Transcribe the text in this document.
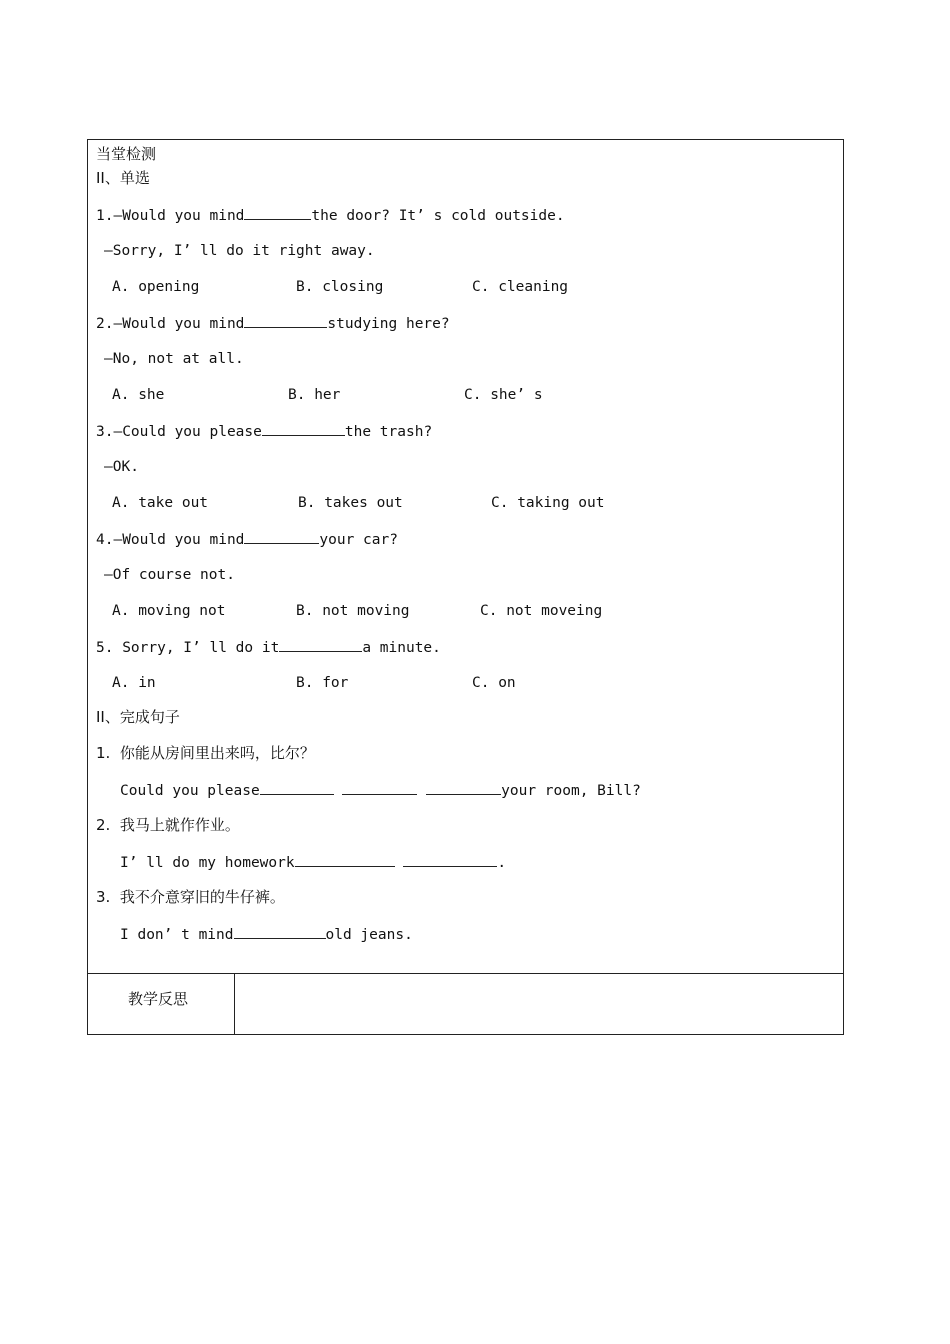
当堂检测
II、单选
1.—Would you mind	the door? It’ s cold outside.
—Sorry, I’ ll do it right away.
A. opening	B. closing	C. cleaning
2.—Would you mind	studying here?
—No, not at all.
A. she	B. her	C. she’ s
3.—Could you please	the trash?
—OK.
A. take out	B. takes out	C. taking out
4.—Would you mind	your car?
—Of course not.
A. moving not	B. not moving	C. not moveing
5. Sorry, I’ ll do it	a minute.
A. in	B. for	C. on
II、完成句子
1.  你能从房间里出来吗，比尔？
Could you please	your room, Bill?
2.  我马上就作作业。
I’ ll do my homework	.
3.  我不介意穿旧的牛仔裤。
I don’ t mind	old jeans.
教学反思
